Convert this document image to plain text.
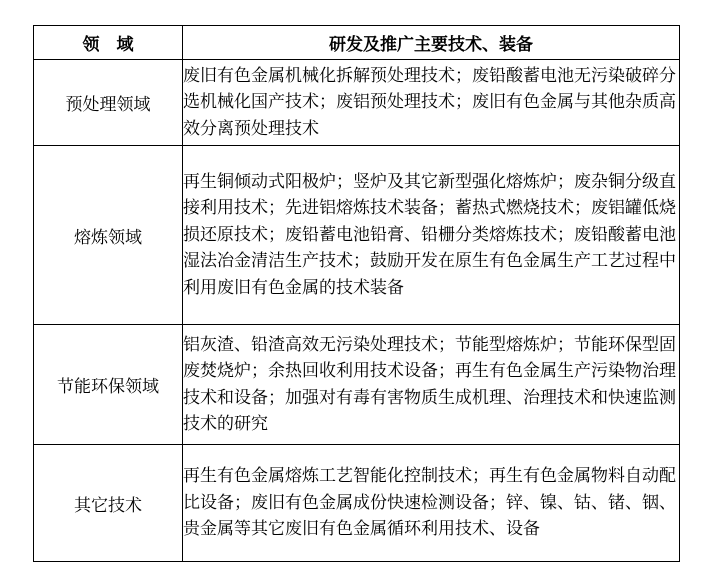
领　域	研发及推广主要技术、装备
预处理领域	废旧有色金属机械化拆解预处理技术；废铅酸蓄电池无污染破碎分选机械化国产技术；废铝预处理技术；废旧有色金属与其他杂质高效分离预处理技术
熔炼领域	再生铜倾动式阳极炉；竖炉及其它新型强化熔炼炉；废杂铜分级直接利用技术；先进铝熔炼技术装备；蓄热式燃烧技术；废铝罐低烧损还原技术；废铅蓄电池铅膏、铅栅分类熔炼技术；废铅酸蓄电池湿法冶金清洁生产技术；鼓励开发在原生有色金属生产工艺过程中利用废旧有色金属的技术装备
节能环保领域	铝灰渣、铅渣高效无污染处理技术；节能型熔炼炉；节能环保型固废焚烧炉；余热回收利用技术设备；再生有色金属生产污染物治理技术和设备；加强对有毒有害物质生成机理、治理技术和快速监测技术的研究
其它技术	再生有色金属熔炼工艺智能化控制技术；再生有色金属物料自动配比设备；废旧有色金属成份快速检测设备；锌、镍、钴、锗、铟、贵金属等其它废旧有色金属循环利用技术、设备
